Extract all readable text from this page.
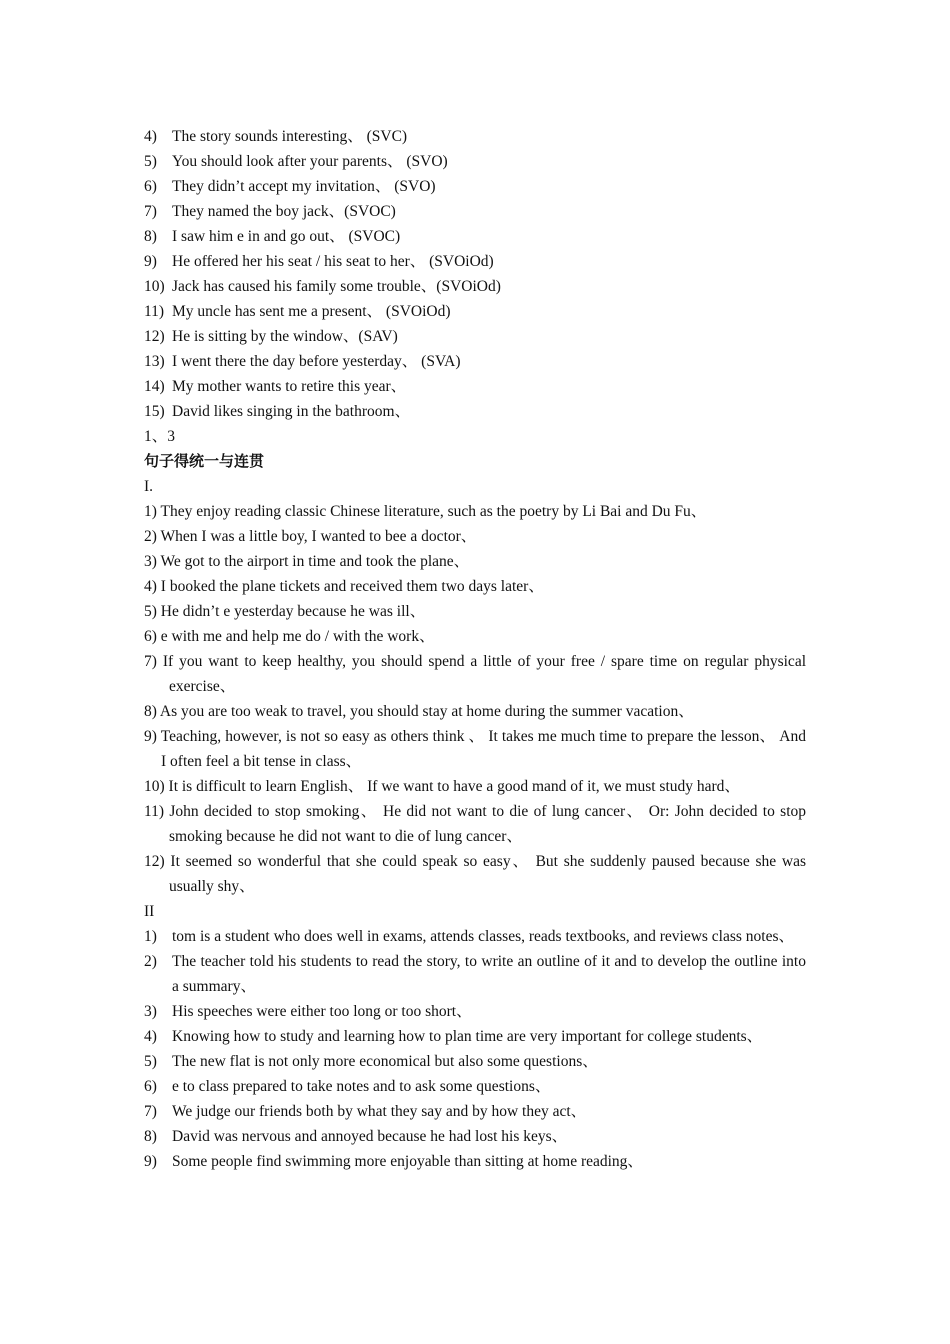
4) The story sounds interesting、 (SVC)
5) You should look after your parents、 (SVO)
6) They didn’t accept my invitation、 (SVO)
7) They named the boy jack、(SVOC)
8) I saw him e in and go out、 (SVOC)
9) He offered her his seat / his seat to her、 (SVOiOd)
10) Jack has caused his family some trouble、(SVOiOd)
11) My uncle has sent me a present、 (SVOiOd)
12) He is sitting by the window、(SAV)
13) I went there the day before yesterday、 (SVA)
14) My mother wants to retire this year、
15) David likes singing in the bathroom、
1、3
句子得统一与连贯
I.
1) They enjoy reading classic Chinese literature, such as the poetry by Li Bai and Du Fu、
2) When I was a little boy, I wanted to bee a doctor、
3) We got to the airport in time and took the plane、
4) I booked the plane tickets and received them two days later、
5) He didn’t e yesterday because he was ill、
6) e with me and help me do / with the work、
7) If you want to keep healthy, you should spend a little of your free / spare time on regular physical exercise、
8) As you are too weak to travel, you should stay at home during the summer vacation、
9) Teaching, however, is not so easy as others think 、 It takes me much time to prepare the lesson、 And I often feel a bit tense in class、
10) It is difficult to learn English、 If we want to have a good mand of it, we must study hard、
11) John decided to stop smoking、 He did not want to die of lung cancer、 Or: John decided to stop smoking because he did not want to die of lung cancer、
12) It seemed so wonderful that she could speak so easy、 But she suddenly paused because she was usually shy、
II
1) tom is a student who does well in exams, attends classes, reads textbooks, and reviews class notes、
2) The teacher told his students to read the story, to write an outline of it and to develop the outline into a summary、
3) His speeches were either too long or too short、
4) Knowing how to study and learning how to plan time are very important for college students、
5) The new flat is not only more economical but also some questions、
6) e to class prepared to take notes and to ask some questions、
7) We judge our friends both by what they say and by how they act、
8) David was nervous and annoyed because he had lost his keys、
9) Some people find swimming more enjoyable than sitting at home reading、
